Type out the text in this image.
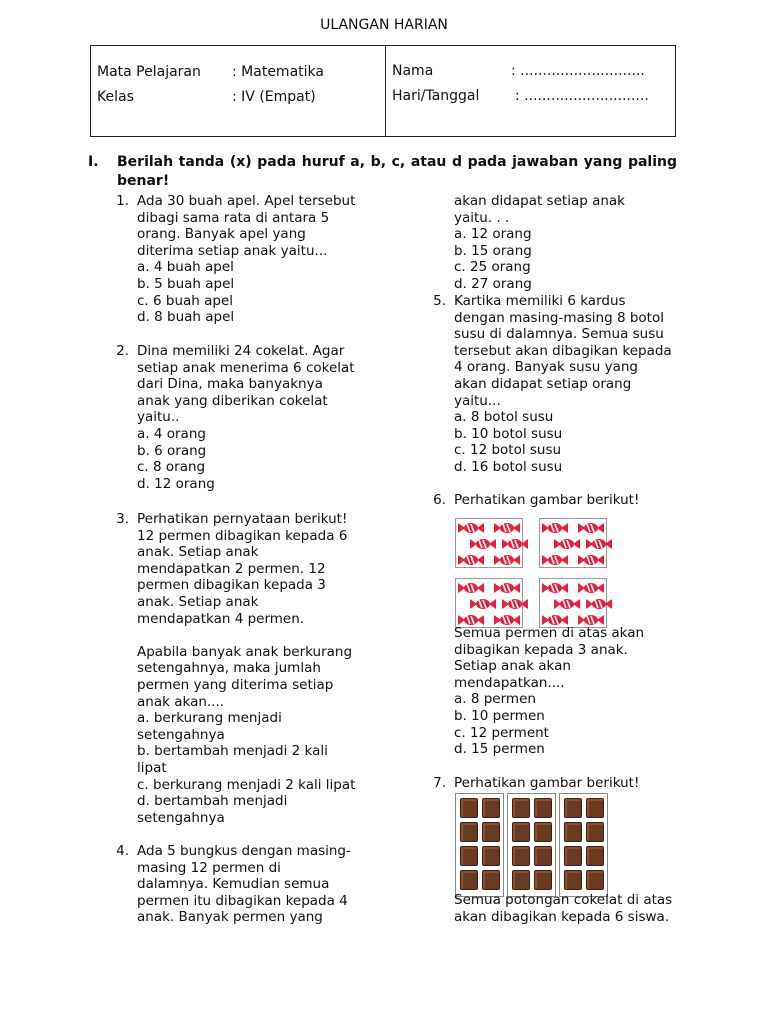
ULANGAN HARIAN
Mata Pelajaran : Matematika
Kelas	: IV (Empat)
Nama	: ............................
Hari/Tanggal	: ............................
I. Berilah tanda (x) pada huruf a, b, c, atau d pada jawaban yang paling benar!
1. Ada 30 buah apel. Apel tersebut
dibagi sama rata di antara 5
orang. Banyak apel yang
diterima setiap anak yaitu...
a. 4 buah apel
b. 5 buah apel
c. 6 buah apel
d. 8 buah apel
2. Dina memiliki 24 cokelat. Agar
setiap anak menerima 6 cokelat
dari Dina, maka banyaknya
anak yang diberikan cokelat
yaitu..
a. 4 orang
b. 6 orang
c. 8 orang
d. 12 orang
3. Perhatikan pernyataan berikut!
12 permen dibagikan kepada 6
anak. Setiap anak
mendapatkan 2 permen. 12
permen dibagikan kepada 3
anak. Setiap anak
mendapatkan 4 permen.

Apabila banyak anak berkurang
setengahnya, maka jumlah
permen yang diterima setiap
anak akan....
a. berkurang menjadi
setengahnya
b. bertambah menjadi 2 kali
lipat
c. berkurang menjadi 2 kali lipat
d. bertambah menjadi
setengahnya
4. Ada 5 bungkus dengan masing-
masing 12 permen di
dalamnya. Kemudian semua
permen itu dibagikan kepada 4
anak. Banyak permen yang
akan didapat setiap anak
yaitu. . .
a. 12 orang
b. 15 orang
c. 25 orang
d. 27 orang
5. Kartika memiliki 6 kardus
dengan masing-masing 8 botol
susu di dalamnya. Semua susu
tersebut akan dibagikan kepada
4 orang. Banyak susu yang
akan didapat setiap orang
yaitu...
a. 8 botol susu
b. 10 botol susu
c. 12 botol susu
d. 16 botol susu
6. Perhatikan gambar berikut!
Semua permen di atas akan
dibagikan kepada 3 anak.
Setiap anak akan
mendapatkan....
a. 8 permen
b. 10 permen
c. 12 perment
d. 15 permen
7. Perhatikan gambar berikut!
Semua potongan cokelat di atas
akan dibagikan kepada 6 siswa.
